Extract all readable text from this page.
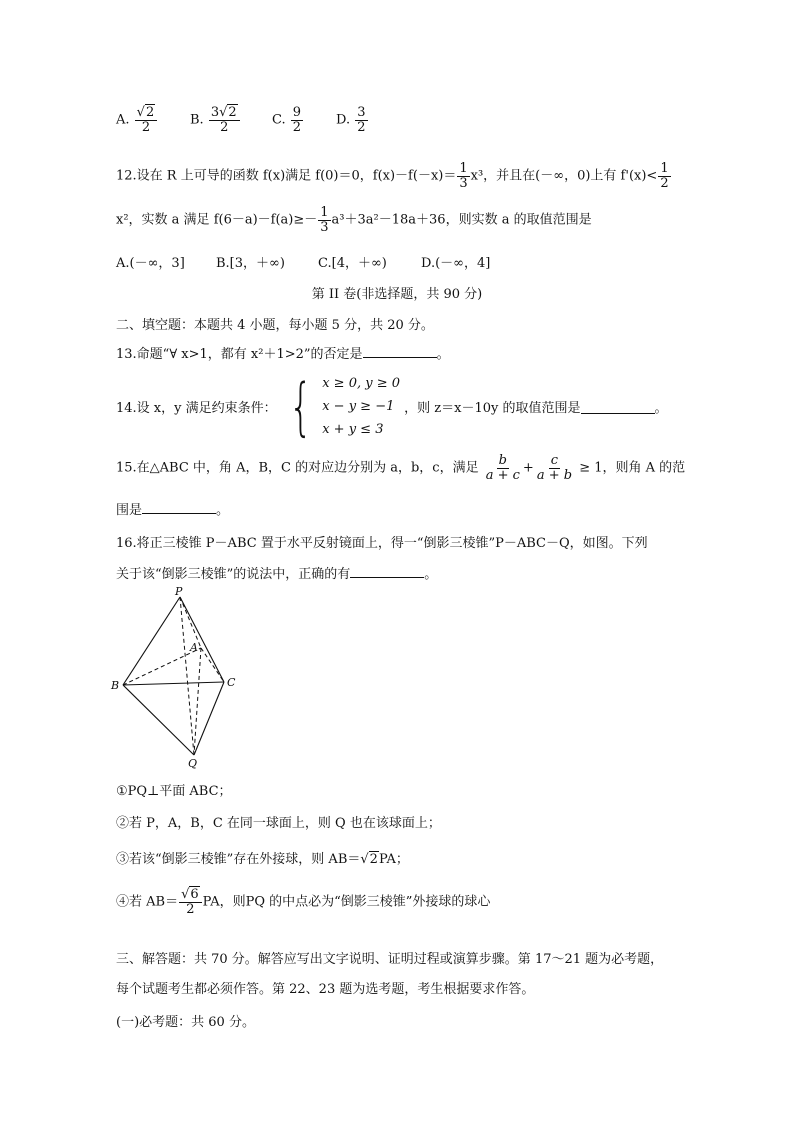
A. $\frac{√2}{2}$	B. $\frac{3√2}{2} C$. $\frac{9}{2}$	D. $\frac{3}{2}$
12.设在 R 上可导的函数 f(x)满足 f(0)＝0，$f(x)-f(-x)= \frac{1}{3} x^3$，并且在(－∞，0)上有 $f'(x)< \frac{1}{2}$
x²，实数 a 满足 $f(6-a)-f(a)\ge- \frac{1}{3} a^3+3a^2-18a+36$，则实数 a 的取值范围是
A.(－∞，3] B.[3，＋∞)	C.[4，＋∞)	D.(－∞，4]
第 II 卷(非选择题，共 90 分)
二、填空题：本题共 4 小题，每小题 5 分，共 20 分。
13.命题“∀ x>1，都有 x²＋1>2”的否定是	。
14.设 x，y 满足约束条件： { x ≥ 0, y ≥ 0
x − y ≥ −1
x + y ≤ 3
，则 z＝x－10y 的取值范围是	。
15.在△ABC 中，角 A，B，C 的对应边分别为 a，b，c，满足 $\frac{b}{a + c} + \frac{c}{a + b} \ge 1$，则角 A 的范
围是	。
16.将正三棱锥 P－ABC 置于水平反射镜面上，得一“倒影三棱锥”P－ABC－Q，如图。下列
关于该“倒影三棱锥”的说法中，正确的有	。
P
A
B	C
Q
①PQ⊥平面 ABC；
②若 P，A，B，C 在同一球面上，则 Q 也在该球面上；
③若该“倒影三棱锥”存在外接球，则 AB＝√2PA；
④若 $AB= \frac{√6}{2}$ PA，则PQ 的中点必为“倒影三棱锥”外接球的球心
三、解答题：共 70 分。解答应写出文字说明、证明过程或演算步骤。第 17～21 题为必考题，
每个试题考生都必须作答。第 22、23 题为选考题，考生根据要求作答。
(一)必考题：共 60 分。
